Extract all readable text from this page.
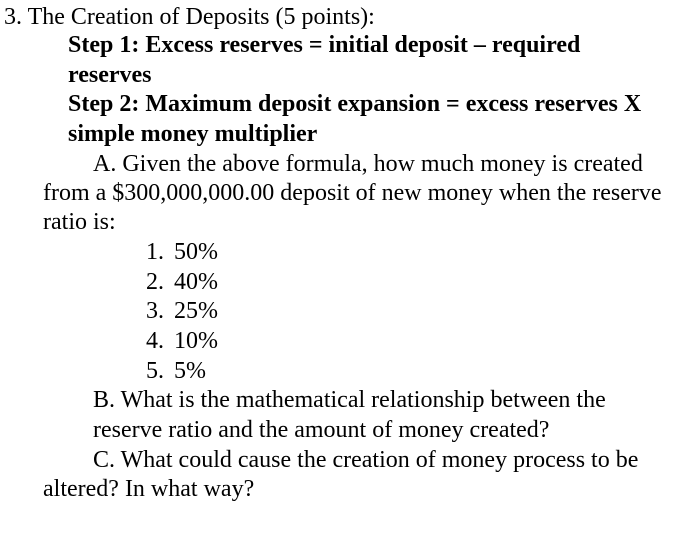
3. The Creation of Deposits (5 points):
Step 1: Excess reserves = initial deposit – required
reserves
Step 2: Maximum deposit expansion = excess reserves X
simple money multiplier
A. Given the above formula, how much money is created
from a $300,000,000.00 deposit of new money when the reserve
ratio is:
1. 50%
2. 40%
3. 25%
4. 10%
5. 5%
B. What is the mathematical relationship between the
reserve ratio and the amount of money created?
C. What could cause the creation of money process to be
altered? In what way?
